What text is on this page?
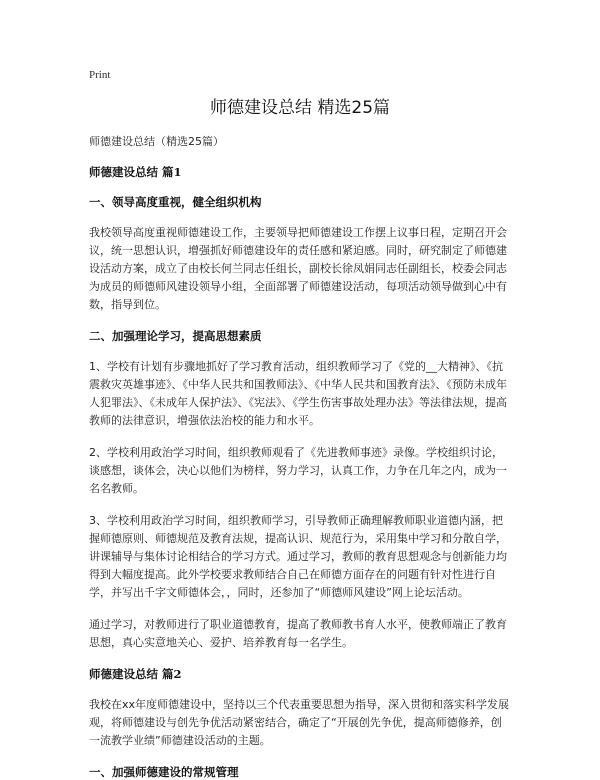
Print
师德建设总结 精选25篇

师德建设总结（精选25篇）

师德建设总结 篇1
一、领导高度重视，健全组织机构

我校领导高度重视师德建设工作，主要领导把师德建设工作摆上议事日程，定期召开会议，统一思想认识，增强抓好师德建设年的责任感和紧迫感。同时，研究制定了师德建设活动方案，成立了由校长何兰同志任组长，副校长徐凤娟同志任副组长，校委会同志为成员的师德师风建设领导小组，全面部署了师德建设活动，每项活动领导做到心中有数，指导到位。

二、加强理论学习，提高思想素质

1、学校有计划有步骤地抓好了学习教育活动，组织教师学习了《党的__大精神》、《抗震救灾英雄事迹》、《中华人民共和国教师法》、《中华人民共和国教育法》、《预防未成年人犯罪法》、《未成年人保护法》、《宪法》、《学生伤害事故处理办法》等法律法规，提高教师的法律意识，增强依法治校的能力和水平。

2、学校利用政治学习时间，组织教师观看了《先进教师事迹》录像。学校组织讨论，谈感想，谈体会，决心以他们为榜样，努力学习，认真工作，力争在几年之内，成为一名名教师。

3、学校利用政治学习时间，组织教师学习，引导教师正确理解教师职业道德内涵，把握师德原则、师德规范及教育法规，提高认识、规范行为，采用集中学习和分散自学，讲课辅导与集体讨论相结合的学习方式。通过学习，教师的教育思想观念与创新能力均得到大幅度提高。此外学校要求教师结合自己在师德方面存在的问题有针对性进行自学，并写出千字文师德体会，，同时，还参加了“师德师风建设”网上论坛活动。

通过学习，对教师进行了职业道德教育，提高了教师教书育人水平，使教师端正了教育思想，真心实意地关心、爱护、培养教育每一名学生。

师德建设总结 篇2

我校在xx年度师德建设中，坚持以三个代表重要思想为指导，深入贯彻和落实科学发展观，将师德建设与创先争优活动紧密结合，确定了“开展创先争优，提高师德修养，创一流教学业绩”师德建设活动的主题。

一、加强师德建设的常规管理
